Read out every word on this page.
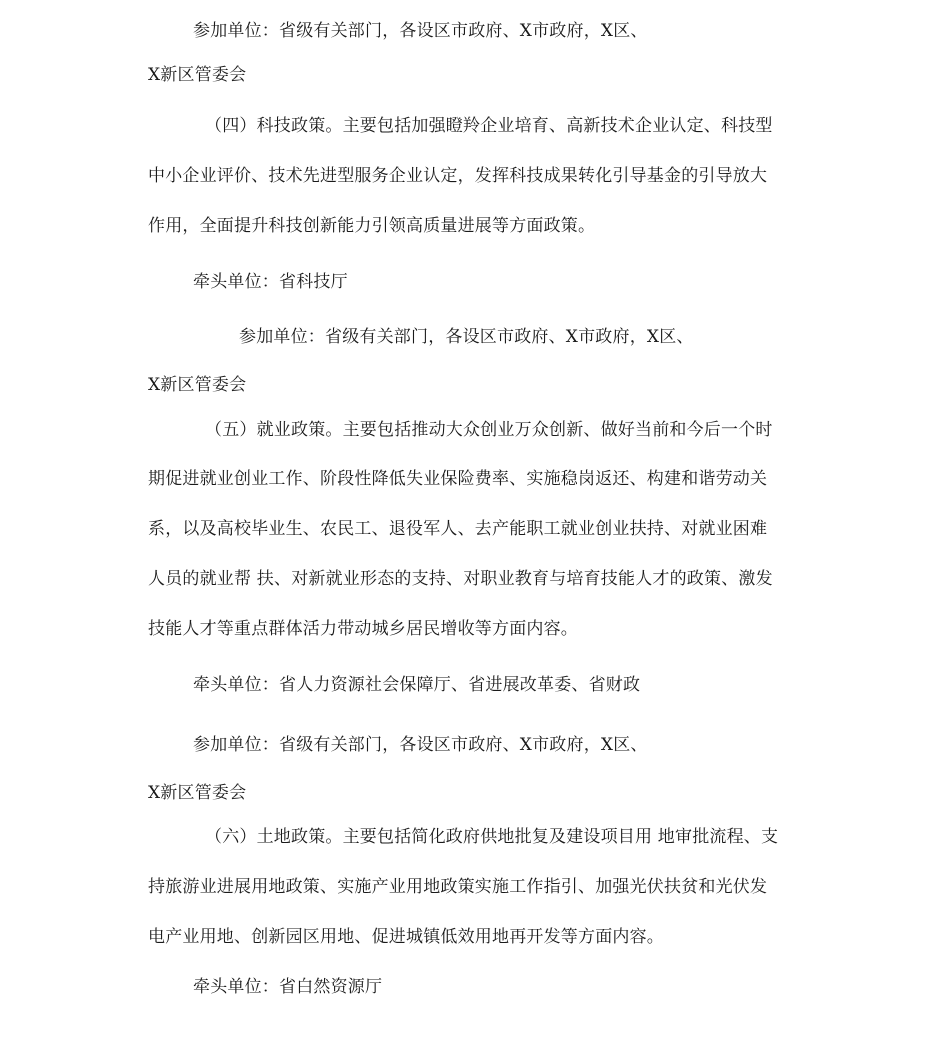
参加单位：省级有关部门，各设区市政府、X市政府，X区、
X新区管委会
（四）科技政策。主要包括加强瞪羚企业培育、高新技术企业认定、科技型
中小企业评价、技术先进型服务企业认定，发挥科技成果转化引导基金的引导放大
作用，全面提升科技创新能力引领高质量进展等方面政策。
牵头单位：省科技厅
参加单位：省级有关部门，各设区市政府、X市政府，X区、
X新区管委会
（五）就业政策。主要包括推动大众创业万众创新、做好当前和今后一个时
期促进就业创业工作、阶段性降低失业保险费率、实施稳岗返还、构建和谐劳动关
系，以及高校毕业生、农民工、退役军人、去产能职工就业创业扶持、对就业困难
人员的就业帮 扶、对新就业形态的支持、对职业教育与培育技能人才的政策、激发
技能人才等重点群体活力带动城乡居民增收等方面内容。
牵头单位：省人力资源社会保障厅、省进展改革委、省财政
参加单位：省级有关部门，各设区市政府、X市政府，X区、
X新区管委会
（六）土地政策。主要包括简化政府供地批复及建设项目用 地审批流程、支
持旅游业进展用地政策、实施产业用地政策实施工作指引、加强光伏扶贫和光伏发
电产业用地、创新园区用地、促进城镇低效用地再开发等方面内容。
牵头单位：省白然资源厅
